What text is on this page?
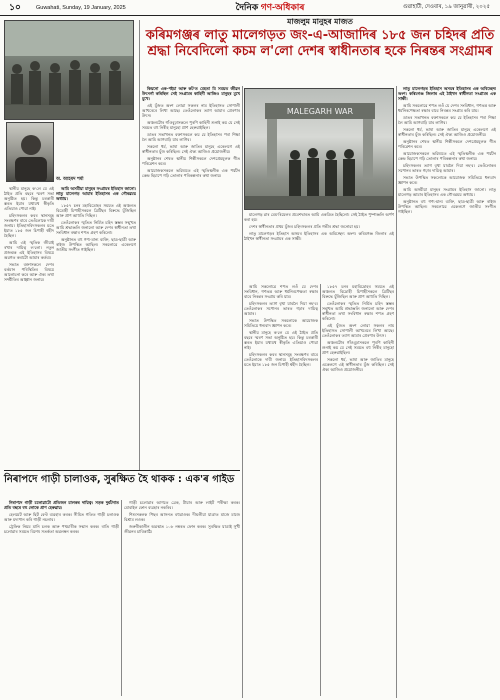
১০	Guwahati, Sunday, 19 January, 2025	দৈনিক গণ-অধিকাৰ	গুৱাহাটী, দেওবাৰ, ১৯ জানুৱাৰী, ২০২৫
মাজলুম মানুহৰ মাজত
কৰিমগঞ্জৰ লাতু মালেগড়ত জং-এ-আজাদিৰ ১৮৫ জন চহিদৰ প্ৰতি শ্ৰদ্ধা নিবেদিলো কচম ল'লো দেশৰ স্বাধীনতাৰ হকে নিৰন্তৰ সংগ্ৰামৰ
অ. আহমদ শৰ্মা
MALEGARH WAR

আমি অসমীয়া মানুহৰ সংগ্ৰামৰ ইতিহাস জানো। লাতু মালেগড় আমাৰ ইতিহাসৰ এক গৌৰৱময় অধ্যায়।

১৮৫৭ চনৰ মহাবিদ্ৰোহৰ সময়ত এই অঞ্চলত বিদ্ৰোহী চিপাহীসকলে ব্ৰিটিছৰ বিৰুদ্ধে যুঁজিছিল আৰু প্ৰাণ আহুতি দিছিল।

তেওঁলোকৰ স্মৃতিত নিৰ্মিত চহিদ স্তম্ভৰ সন্মুখত আমি শ্ৰদ্ধাঞ্জলি জনালো আৰু দেশৰ স্বাধীনতা তথা সংবিধান ৰক্ষাৰ শপত গ্ৰহণ কৰিলো।

অনুষ্ঠানত বহু গণ্য-মান্য ব্যক্তি, ছাত্ৰ-ছাত্ৰী আৰু ৰাইজ উপস্থিত আছিল। সকলোৱে একেলগে জাতীয় সংগীত গাইছিল।

স্থানীয় মানুহে ক'লে যে এই ঠাইত প্ৰতি বছৰে স্মৰণ সভা অনুষ্ঠিত হয়। কিন্তু চৰকাৰী স্তৰত ইয়াৰ যথাযথ স্বীকৃতি এতিয়াও পোৱা নাই।

চহিদসকলৰ কবৰ স্থানসমূহ সংৰক্ষণৰ বাবে তেওঁলোকে দাবী জনায়। ইতিহাসবিদসকলৰ মতে ইয়াত ১৮৫ জন চিপাহী শ্বহীদ হৈছিল।

আমি এই স্মৃতিক জীয়াই ৰখাৰ দায়িত্ব ল'লো। নতুন প্ৰজন্মক এই ইতিহাসৰ বিষয়ে অৱগত কৰাটো আমাৰ কৰ্তব্য।

সভাত বক্তাসকলে দেশৰ বৰ্তমান পৰিস্থিতিৰ বিষয়ে আলোচনা কৰে আৰু ঐক্য তথা সম্প্ৰীতিৰ আহ্বান জনায়।

কিয়নো এক-পইচা আৰু কট'ত মেহতা যি সময়ত জীৱন উৎসৰ্গা কৰিছিল সেই সংগ্ৰামৰ কাহিনী আজিও মানুহৰ মুখে মুখে।

এই যুঁজত অংশ লোৱা সকলৰ নাম ইতিহাসত সোণালী আখৰেৰে লিখা আছে। তেওঁলোকৰ ত্যাগ আমাৰ প্ৰেৰণাৰ উৎস।

অঞ্চলটোৰ গাঁওবুঢ়াসকলে পুৰণি কাহিনী শুনাই কয় যে সেই সময়ত বহু নিৰীহ মানুহো প্ৰাণ হেৰুৱাইছিল।

ডাঙৰ সভাখনত বক্তাসকলে কয় যে ইতিহাসৰ পৰা শিক্ষা লৈ আমি আগবাঢ়ি যাব লাগিব।

সকলো ধৰ্ম, ভাষা আৰু জাতিৰ মানুহে একেলগে এই স্বাধীনতাৰ যুঁজ কৰিছিল। সেই ঐক্য আজিও প্ৰয়োজনীয়।

অনুষ্ঠানৰ শেষত স্থানীয় শিল্পীসকলে দেশপ্ৰেমমূলক গীত পৰিৱেশন কৰে।

আয়োজকসকলে ভৱিষ্যতে এই স্মৃতিস্থলীক এক পৰ্যটন কেন্দ্ৰ হিচাপে গঢ়ি তোলাৰ পৰিকল্পনাৰ কথা জনায়।

মালেগড় ৱাৰ মেম'ৰিয়েলৰ প্ৰবেশদ্বাৰত আমি একত্ৰিত হৈছিলো। সেই ঠাইত পুষ্পাঞ্জলি অৰ্পণ কৰা হয়।

দেশৰ স্বাধীনতাৰ প্ৰথম যুঁজৰ চহিদসকলৰ প্ৰতি গভীৰ শ্ৰদ্ধা জনোৱা হয়।

লাতু মালেগড়ৰ ইতিহাস অসমৰ ইতিহাসৰ এক অবিচ্ছেদ্য অংশ। কৰিমগঞ্জ জিলাৰ এই ঠাইখন স্বাধীনতা সংগ্ৰামৰ এক সাক্ষী।

আমি সকলোৱে শপত লওঁ যে দেশৰ সংবিধান, গণতন্ত্ৰ আৰু ধৰ্মনিৰপেক্ষতা ৰক্ষাৰ বাবে নিৰন্তৰ সংগ্ৰাম কৰি যাম।

চহিদসকলৰ ত্যাগ বৃথা যাবলৈ দিয়া নহ'ব। তেওঁলোকৰ সপোনৰ ভাৰত গঢ়াৰ দায়িত্ব আমাৰ।

সভাত উপস্থিত সকলোকে আয়োজক সমিতিয়ে ধন্যবাদ জ্ঞাপন কৰে।

স্থানীয় মানুহে ক'লে যে এই ঠাইত প্ৰতি বছৰে স্মৰণ সভা অনুষ্ঠিত হয়। কিন্তু চৰকাৰী স্তৰত ইয়াৰ যথাযথ স্বীকৃতি এতিয়াও পোৱা নাই।

চহিদসকলৰ কবৰ স্থানসমূহ সংৰক্ষণৰ বাবে তেওঁলোকে দাবী জনায়। ইতিহাসবিদসকলৰ মতে ইয়াত ১৮৫ জন চিপাহী শ্বহীদ হৈছিল।

১৮৫৭ চনৰ মহাবিদ্ৰোহৰ সময়ত এই অঞ্চলত বিদ্ৰোহী চিপাহীসকলে ব্ৰিটিছৰ বিৰুদ্ধে যুঁজিছিল আৰু প্ৰাণ আহুতি দিছিল।

তেওঁলোকৰ স্মৃতিত নিৰ্মিত চহিদ স্তম্ভৰ সন্মুখত আমি শ্ৰদ্ধাঞ্জলি জনালো আৰু দেশৰ স্বাধীনতা তথা সংবিধান ৰক্ষাৰ শপত গ্ৰহণ কৰিলো।

এই যুঁজত অংশ লোৱা সকলৰ নাম ইতিহাসত সোণালী আখৰেৰে লিখা আছে। তেওঁলোকৰ ত্যাগ আমাৰ প্ৰেৰণাৰ উৎস।

অঞ্চলটোৰ গাঁওবুঢ়াসকলে পুৰণি কাহিনী শুনাই কয় যে সেই সময়ত বহু নিৰীহ মানুহো প্ৰাণ হেৰুৱাইছিল।

সকলো ধৰ্ম, ভাষা আৰু জাতিৰ মানুহে একেলগে এই স্বাধীনতাৰ যুঁজ কৰিছিল। সেই ঐক্য আজিও প্ৰয়োজনীয়।

লাতু মালেগড়ৰ ইতিহাস অসমৰ ইতিহাসৰ এক অবিচ্ছেদ্য অংশ। কৰিমগঞ্জ জিলাৰ এই ঠাইখন স্বাধীনতা সংগ্ৰামৰ এক সাক্ষী।

আমি সকলোৱে শপত লওঁ যে দেশৰ সংবিধান, গণতন্ত্ৰ আৰু ধৰ্মনিৰপেক্ষতা ৰক্ষাৰ বাবে নিৰন্তৰ সংগ্ৰাম কৰি যাম।

ডাঙৰ সভাখনত বক্তাসকলে কয় যে ইতিহাসৰ পৰা শিক্ষা লৈ আমি আগবাঢ়ি যাব লাগিব।

সকলো ধৰ্ম, ভাষা আৰু জাতিৰ মানুহে একেলগে এই স্বাধীনতাৰ যুঁজ কৰিছিল। সেই ঐক্য আজিও প্ৰয়োজনীয়।

অনুষ্ঠানৰ শেষত স্থানীয় শিল্পীসকলে দেশপ্ৰেমমূলক গীত পৰিৱেশন কৰে।

আয়োজকসকলে ভৱিষ্যতে এই স্মৃতিস্থলীক এক পৰ্যটন কেন্দ্ৰ হিচাপে গঢ়ি তোলাৰ পৰিকল্পনাৰ কথা জনায়।

চহিদসকলৰ ত্যাগ বৃথা যাবলৈ দিয়া নহ'ব। তেওঁলোকৰ সপোনৰ ভাৰত গঢ়াৰ দায়িত্ব আমাৰ।

সভাত উপস্থিত সকলোকে আয়োজক সমিতিয়ে ধন্যবাদ জ্ঞাপন কৰে।

আমি অসমীয়া মানুহৰ সংগ্ৰামৰ ইতিহাস জানো। লাতু মালেগড় আমাৰ ইতিহাসৰ এক গৌৰৱময় অধ্যায়।

অনুষ্ঠানত বহু গণ্য-মান্য ব্যক্তি, ছাত্ৰ-ছাত্ৰী আৰু ৰাইজ উপস্থিত আছিল। সকলোৱে একেলগে জাতীয় সংগীত গাইছিল।

নিৰাপদে গাড়ী চালাওক, সুৰক্ষিত হৈ থাকক : এক'ৰ গাইড

নিৰাপদে গাড়ী চলোৱাটো প্ৰতিজন চালকৰ দায়িত্ব। সড়ক দুৰ্ঘটনাত প্ৰতি বছৰে বহু লোকে প্ৰাণ হেৰুৱায়।

হেলমেট আৰু ছিট বেল্ট ব্যৱহাৰ কৰক। সীমিত গতিত গাড়ী চলাওক আৰু মদ্যপান কৰি গাড়ী নচলাব।

ট্ৰেফিক নিয়ম মানি চলক আৰু পথচাৰীক সন্মান কৰক। ৰাতি গাড়ী চলোৱাৰ সময়ত বিশেষ সতৰ্কতা অৱলম্বন কৰক।

গাড়ী চলোৱাৰ আগতে ব্ৰেক, টায়াৰ আৰু লাইট পৰীক্ষা কৰক। মোবাইল ফোন ব্যৱহাৰ নকৰিব।

শিশুসকলক পিছৰ আসনত বহুৱাওক। দীঘলীয়া যাত্ৰাত মাজে মাজে বিশ্ৰাম লওক।

জৰুৰীকালীন অৱস্থাত ১০৮ নম্বৰত ফোন কৰক। সুৰক্ষিত যাত্ৰাই সুখী জীৱনৰ চাবিকাঠি।
